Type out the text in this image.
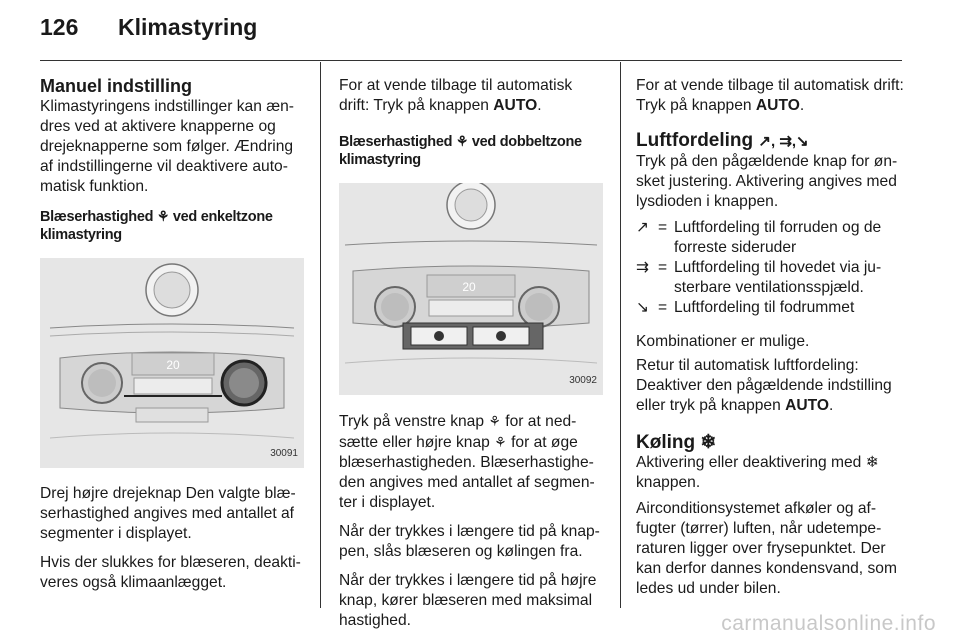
126 Klimastyring
Manuel indstilling

Klimastyringens indstillinger kan æn-dres ved at aktivere knapperne og drejeknapperne som følger. Ændring af indstillingerne vil deaktivere auto-matisk funktion.

Blæserhastighed ⚘ ved enkeltzone klimastyring
20
30091

Drej højre drejeknap Den valgte blæ-serhastighed angives med antallet af segmenter i displayet.

Hvis der slukkes for blæseren, deakti-veres også klimaanlægget.

For at vende tilbage til automatisk drift: Tryk på knappen AUTO.

Blæserhastighed ⚘ ved dobbeltzone klimastyring
20
30092

Tryk på venstre knap ⚘ for at ned-sætte eller højre knap ⚘ for at øge blæserhastigheden. Blæserhastighe-den angives med antallet af segmen-ter i displayet.

Når der trykkes i længere tid på knap-pen, slås blæseren og kølingen fra.

Når der trykkes i længere tid på højre knap, kører blæseren med maksimal hastighed.

For at vende tilbage til automatisk drift: Tryk på knappen AUTO.

Luftfordeling ↗, ⇉,↘

Tryk på den pågældende knap for øn-sket justering. Aktivering angives med lysdioden i knappen.

↗ = Luftfordeling til forruden og de forreste sideruder
⇉ = Luftfordeling til hovedet via ju-sterbare ventilationsspjæld.
↘ = Luftfordeling til fodrummet

Kombinationer er mulige.

Retur til automatisk luftfordeling: Deaktiver den pågældende indstilling eller tryk på knappen AUTO.

Køling ❄

Aktivering eller deaktivering med ❄ knappen.

Airconditionsystemet afkøler og af-fugter (tørrer) luften, når udetempe-raturen ligger over frysepunktet. Der kan derfor dannes kondensvand, som ledes ud under bilen.

carmanualsonline.info
